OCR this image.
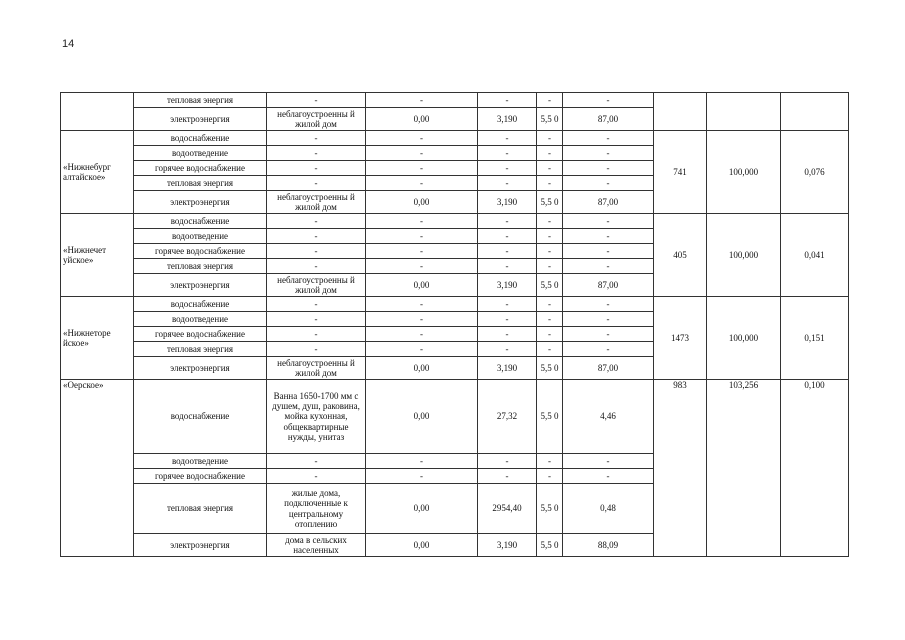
14
	тепловая энергия	-	-	-	-	-			
	электроэнергия	неблагоустроенны й жилой дом	0,00	3,190	5,5 0	87,00			
«Нижнебург алтайское»	водоснабжение	-	-	-	-	-	741	100,000	0,076
	водоотведение	-	-	-	-	-			
	горячее водоснабжение	-	-	-	-	-			
	тепловая энергия	-	-	-	-	-			
	электроэнергия	неблагоустроенны й жилой дом	0,00	3,190	5,5 0	87,00			
«Нижнечет уйское»	водоснабжение	-	-	-	-	-	405	100,000	0,041
	водоотведение	-	-	-	-	-			
	горячее водоснабжение	-	-	-	-	-			
	тепловая энергия	-	-	-	-	-			
	электроэнергия	неблагоустроенны й жилой дом	0,00	3,190	5,5 0	87,00			
«Нижнеторе йское»	водоснабжение	-	-	-	-	-	1473	100,000	0,151
	водоотведение	-	-	-	-	-			
	горячее водоснабжение	-	-	-	-	-			
	тепловая энергия	-	-	-	-	-			
	электроэнергия	неблагоустроенны й жилой дом	0,00	3,190	5,5 0	87,00			
«Оерское»	водоснабжение	Ванна 1650-1700 мм с душем, душ, раковина, мойка кухонная, общеквартирные нужды, унитаз	0,00	27,32	5,5 0	4,46	983	103,256	0,100
	водоотведение	-	-	-	-	-			
	горячее водоснабжение	-	-	-	-	-			
	тепловая энергия	жилые дома, подключенные к центральному отоплению	0,00	2954,40	5,5 0	0,48			
	электроэнергия	дома в сельских населенных	0,00	3,190	5,5 0	88,09			
